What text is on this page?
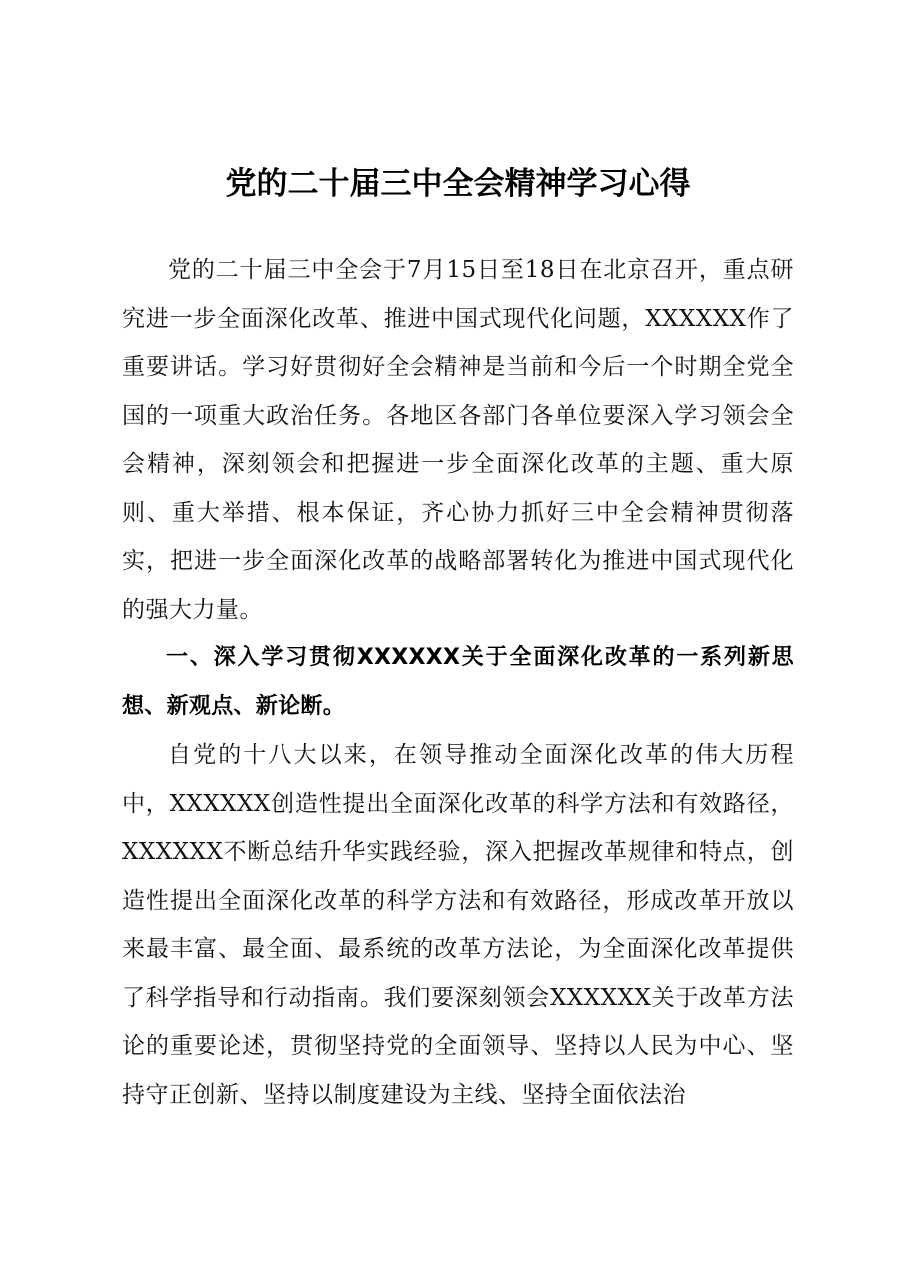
党的二十届三中全会精神学习心得

党的二十届三中全会于7月15日至18日在北京召开，重点研究进一步全面深化改革、推进中国式现代化问题，XXXXXX作了重要讲话。学习好贯彻好全会精神是当前和今后一个时期全党全国的一项重大政治任务。各地区各部门各单位要深入学习领会全会精神，深刻领会和把握进一步全面深化改革的主题、重大原则、重大举措、根本保证，齐心协力抓好三中全会精神贯彻落实，把进一步全面深化改革的战略部署转化为推进中国式现代化的强大力量。

一、深入学习贯彻XXXXXX关于全面深化改革的一系列新思想、新观点、新论断。

自党的十八大以来，在领导推动全面深化改革的伟大历程中，XXXXXX创造性提出全面深化改革的科学方法和有效路径，XXXXXX不断总结升华实践经验，深入把握改革规律和特点，创造性提出全面深化改革的科学方法和有效路径，形成改革开放以来最丰富、最全面、最系统的改革方法论，为全面深化改革提供了科学指导和行动指南。我们要深刻领会XXXXXX关于改革方法论的重要论述，贯彻坚持党的全面领导、坚持以人民为中心、坚持守正创新、坚持以制度建设为主线、坚持全面依法治
